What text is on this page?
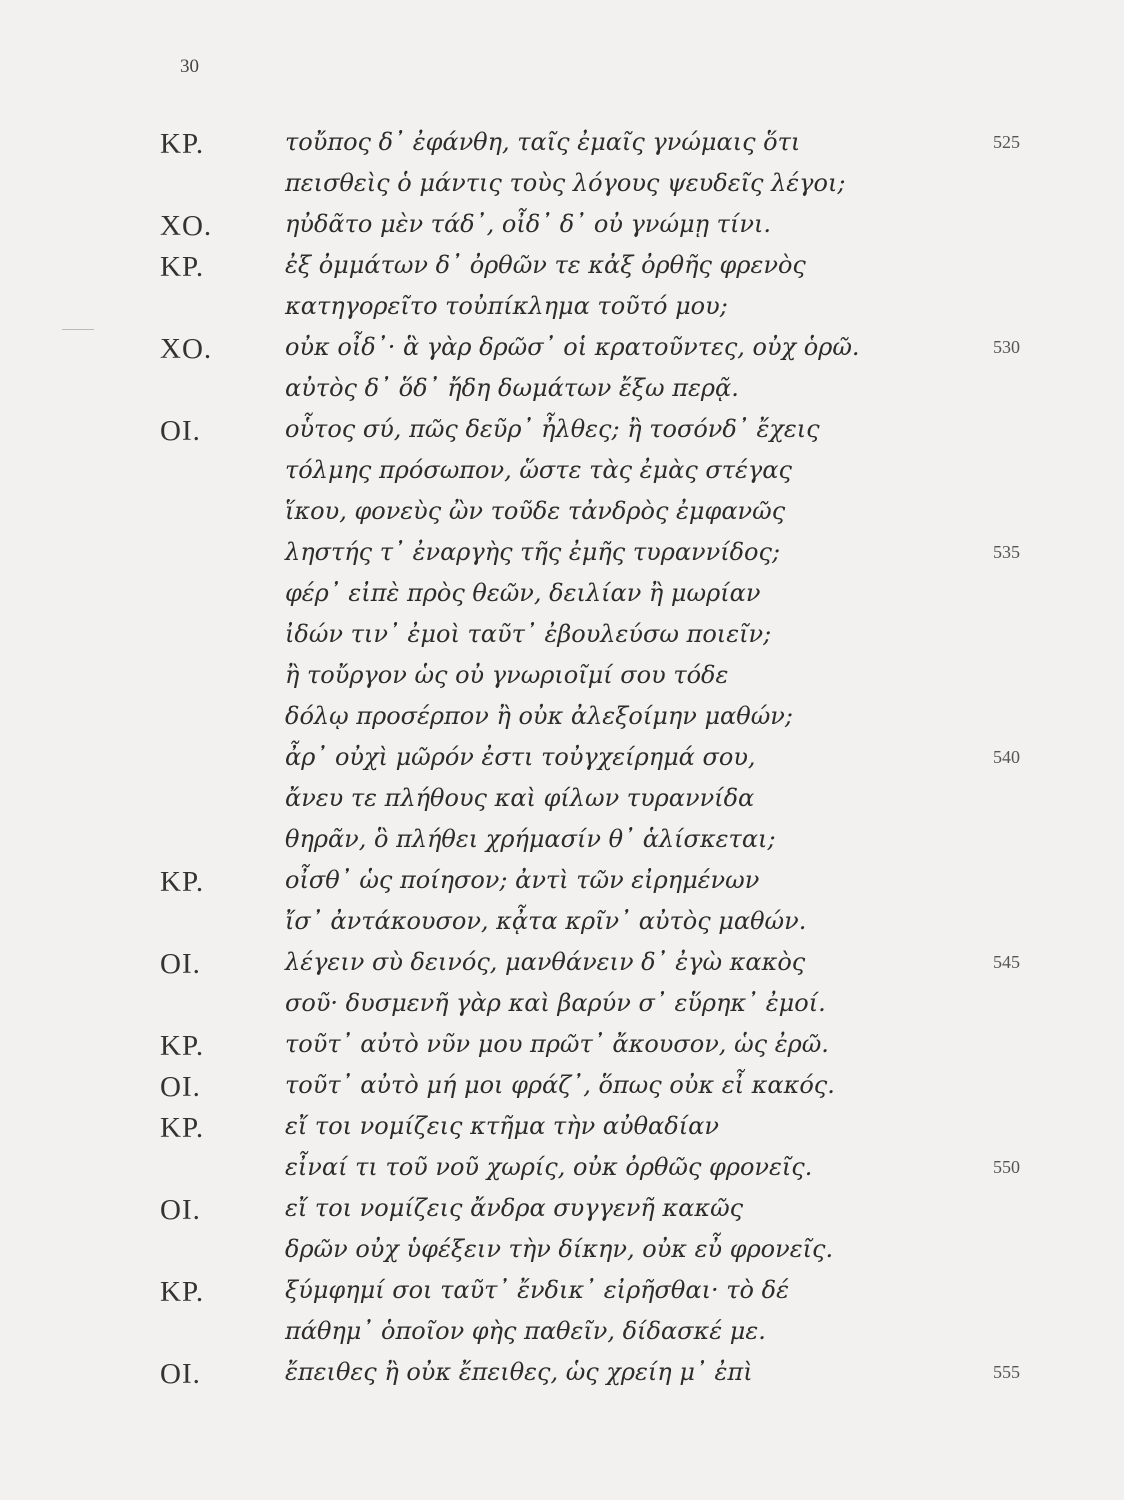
30
ΚΡ.	τοὔπος δ᾽ ἐφάνθη, ταῖς ἐμαῖς γνώμαις ὅτι	525
πεισθεὶς ὁ μάντις τοὺς λόγους ψευδεῖς λέγοι;
ΧΟ.	ηὐδᾶτο μὲν τάδ᾽, οἶδ᾽ δ᾽ οὐ γνώμῃ τίνι.
ΚΡ.	ἐξ ὀμμάτων δ᾽ ὀρθῶν τε κἀξ ὀρθῆς φρενὸς
κατηγορεῖτο τοὐπίκλημα τοῦτό μου;
ΧΟ.	οὐκ οἶδ᾽· ἃ γὰρ δρῶσ᾽ οἱ κρατοῦντες, οὐχ ὁρῶ.	530
αὐτὸς δ᾽ ὅδ᾽ ἤδη δωμάτων ἔξω περᾷ.
ΟΙ.	οὗτος σύ, πῶς δεῦρ᾽ ἦλθες; ἢ τοσόνδ᾽ ἔχεις
τόλμης πρόσωπον, ὥστε τὰς ἐμὰς στέγας
ἵκου, φονεὺς ὢν τοῦδε τἀνδρὸς ἐμφανῶς
ληστής τ᾽ ἐναργὴς τῆς ἐμῆς τυραννίδος;	535
φέρ᾽ εἰπὲ πρὸς θεῶν, δειλίαν ἢ μωρίαν
ἰδών τιν᾽ ἐμοὶ ταῦτ᾽ ἐβουλεύσω ποιεῖν;
ἢ τοὔργον ὡς οὐ γνωριοῖμί σου τόδε
δόλῳ προσέρπον ἢ οὐκ ἀλεξοίμην μαθών;
ἆρ᾽ οὐχὶ μῶρόν ἐστι τοὐγχείρημά σου,	540
ἄνευ τε πλήθους καὶ φίλων τυραννίδα
θηρᾶν, ὃ πλήθει χρήμασίν θ᾽ ἁλίσκεται;
ΚΡ.	οἶσθ᾽ ὡς ποίησον; ἀντὶ τῶν εἰρημένων
ἴσ᾽ ἀντάκουσον, κᾆτα κρῖν᾽ αὐτὸς μαθών.
ΟΙ.	λέγειν σὺ δεινός, μανθάνειν δ᾽ ἐγὼ κακὸς	545
σοῦ· δυσμενῆ γὰρ καὶ βαρύν σ᾽ εὕρηκ᾽ ἐμοί.
ΚΡ.	τοῦτ᾽ αὐτὸ νῦν μου πρῶτ᾽ ἄκουσον, ὡς ἐρῶ.
ΟΙ.	τοῦτ᾽ αὐτὸ μή μοι φράζ᾽, ὅπως οὐκ εἶ κακός.
ΚΡ.	εἴ τοι νομίζεις κτῆμα τὴν αὐθαδίαν
εἶναί τι τοῦ νοῦ χωρίς, οὐκ ὀρθῶς φρονεῖς.	550
ΟΙ.	εἴ τοι νομίζεις ἄνδρα συγγενῆ κακῶς
δρῶν οὐχ ὑφέξειν τὴν δίκην, οὐκ εὖ φρονεῖς.
ΚΡ.	ξύμφημί σοι ταῦτ᾽ ἔνδικ᾽ εἰρῆσθαι· τὸ δέ
πάθημ᾽ ὁποῖον φὴς παθεῖν, δίδασκέ με.
ΟΙ.	ἔπειθες ἢ οὐκ ἔπειθες, ὡς χρείη μ᾽ ἐπὶ	555
